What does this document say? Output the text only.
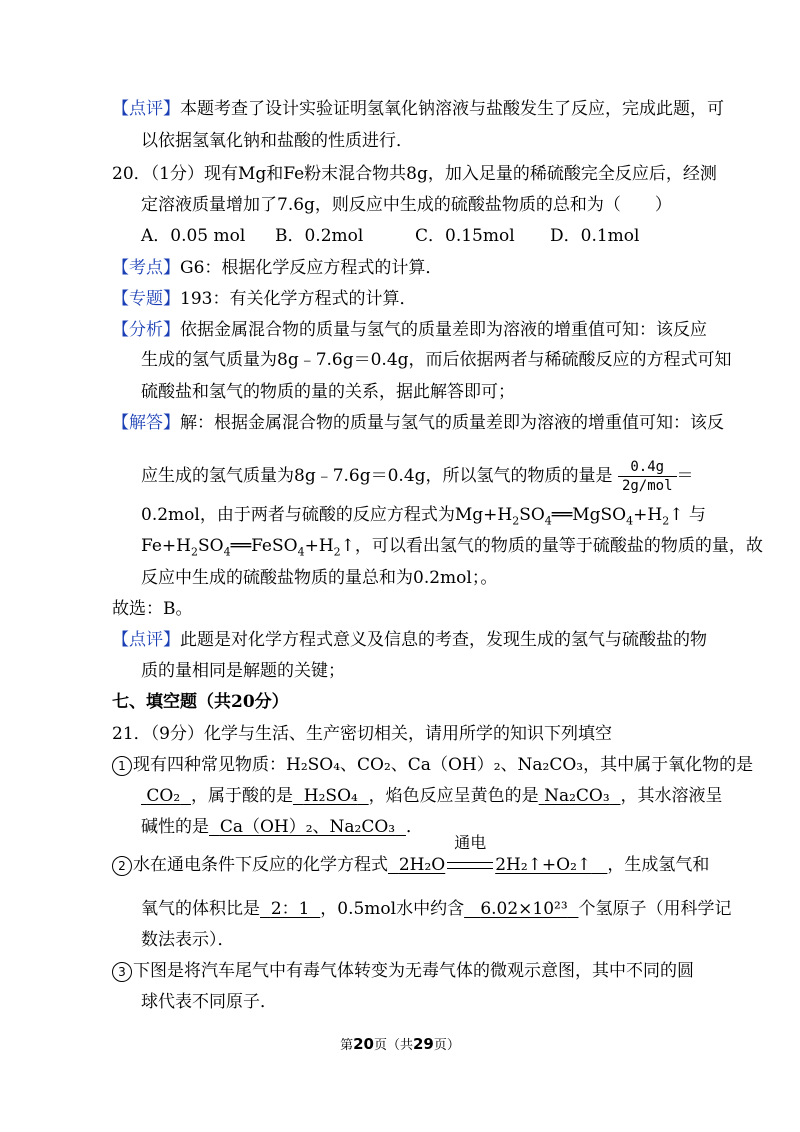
【点评】本题考查了设计实验证明氢氧化钠溶液与盐酸发生了反应，完成此题，可
以依据氢氧化钠和盐酸的性质进行．
20．（1分）现有Mg和Fe粉末混合物共8g，加入足量的稀硫酸完全反应后，经测
定溶液质量增加了7.6g，则反应中生成的硫酸盐物质的总和为（　　）
A．0.05 mol B．0.2mol	C．0.15mol D．0.1mol
【考点】G6：根据化学反应方程式的计算．
【专题】193：有关化学方程式的计算．
【分析】依据金属混合物的质量与氢气的质量差即为溶液的增重值可知：该反应
生成的氢气质量为8g﹣7.6g＝0.4g，而后依据两者与稀硫酸反应的方程式可知
硫酸盐和氢气的物质的量的关系，据此解答即可；
【解答】解：根据金属混合物的质量与氢气的质量差即为溶液的增重值可知：该反
应生成的氢气质量为8g﹣7.6g＝0.4g，所以氢气的物质的量是 $\frac{0.4g}{\text{2g/mol}}$ ＝
0.2mol，由于两者与硫酸的反应方程式为$Mg+H_2SO_4══MgSO_4+H_2↑$ 与
$Fe+H_2SO_4══FeSO_4+H_2↑$，可以看出氢气的物质的量等于硫酸盐的物质的量，故
反应中生成的硫酸盐物质的量总和为0.2mol；。
故选：B。
【点评】此题是对化学方程式意义及信息的考查，发现生成的氢气与硫酸盐的物
质的量相同是解题的关键；
七、填空题（共20分）
21．（9分）化学与生活、生产密切相关，请用所学的知识下列填空
1 现有四种常见物质：H₂SO₄、CO₂、Ca（OH）₂、Na₂CO₃，其中属于氧化物的是
CO₂ ，属于酸的是 H₂SO₄ ，焰色反应呈黄色的是 Na₂CO₃ ，其水溶液呈
碱性的是 Ca（OH）₂、Na₂CO₃ ．
2 水在通电条件下反应的化学方程式 2H₂O
通电
2H₂↑+O₂↑ ，生成氢气和
氧气的体积比是 2：1 ，0.5mol水中约含 6.02×10²³ 个氢原子（用科学记
数法表示）．
3 下图是将汽车尾气中有毒气体转变为无毒气体的微观示意图，其中不同的圆
球代表不同原子．
第20页（共29页）
